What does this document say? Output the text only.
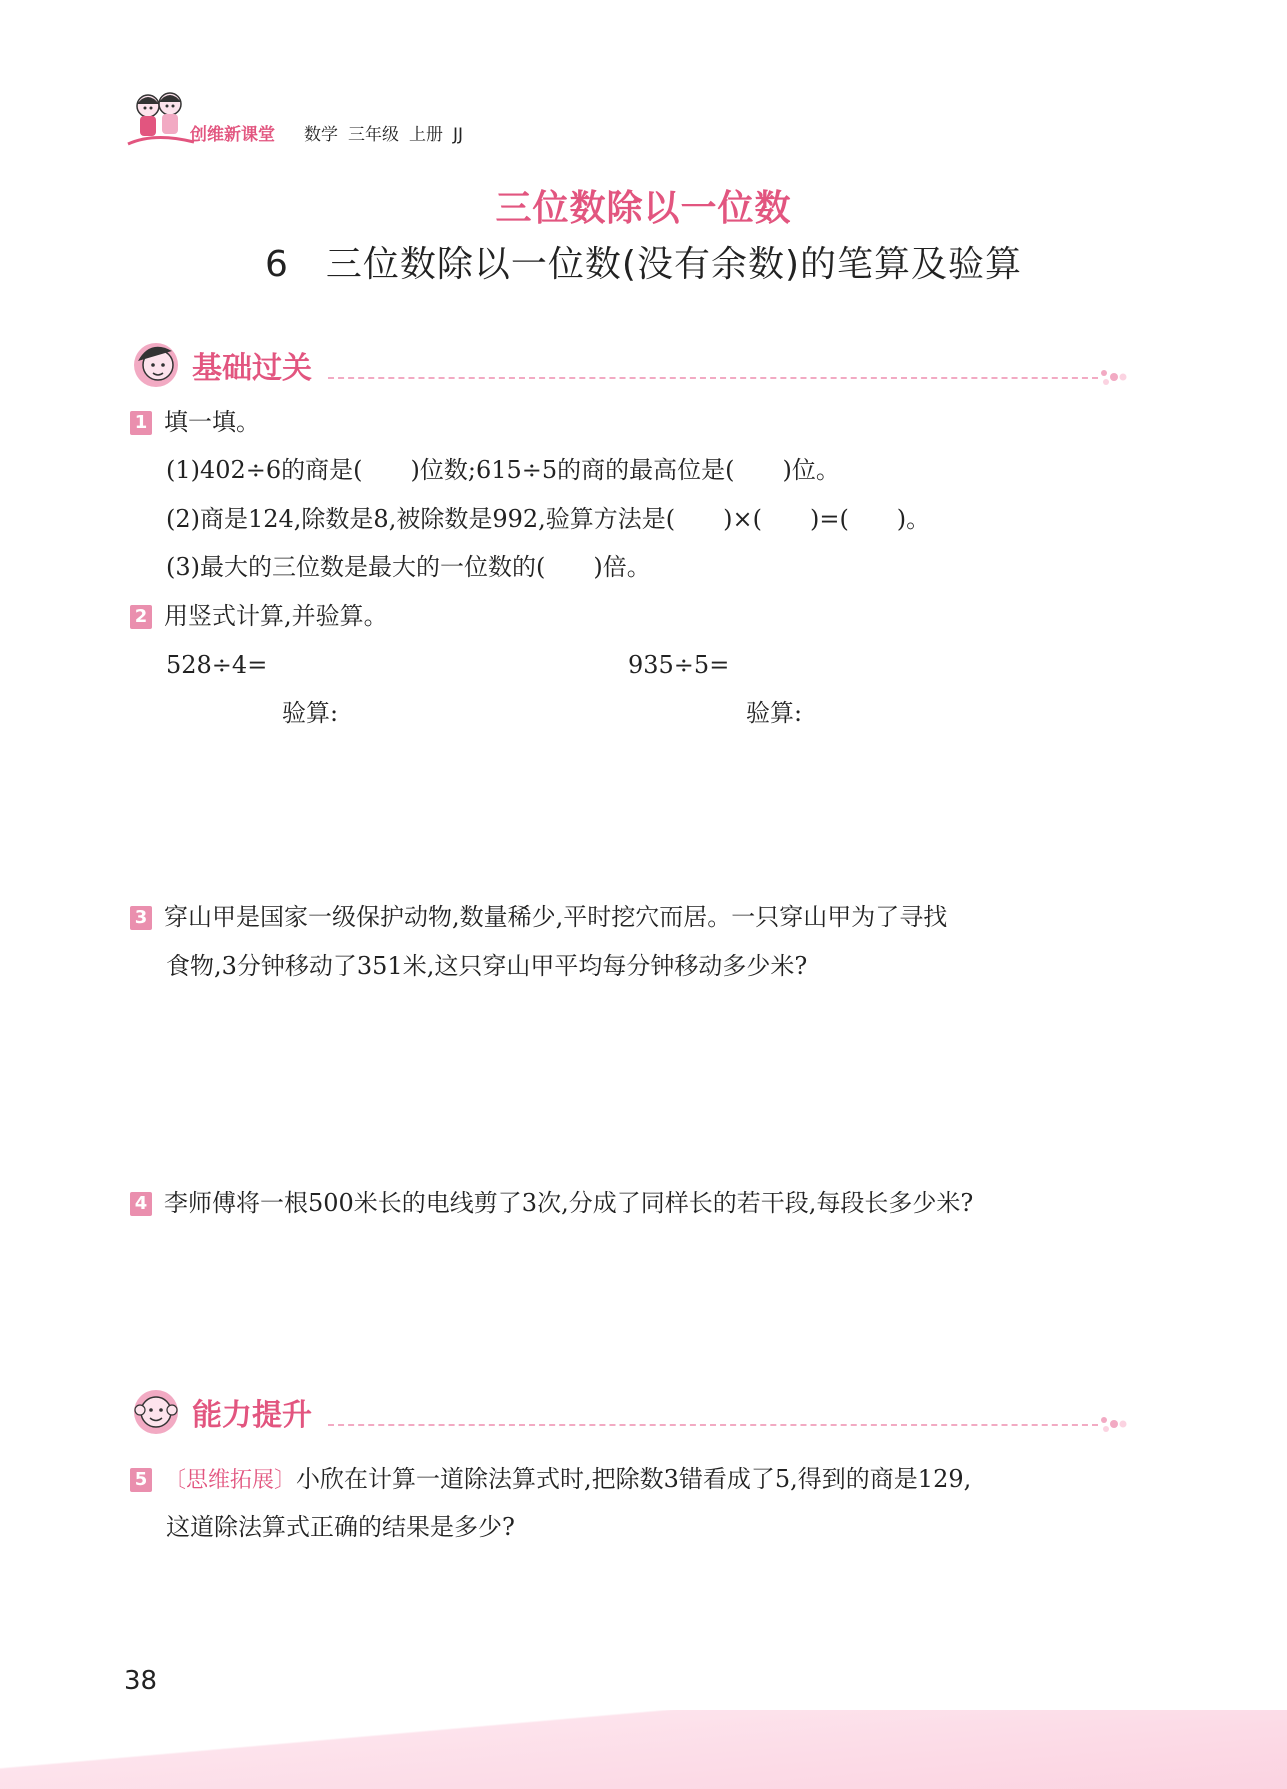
创维新课堂 数学 三年级 上册 JJ
三位数除以一位数
6　三位数除以一位数(没有余数)的笔算及验算
基础过关
1 填一填。
(1)402÷6的商是(　　)位数;615÷5的商的最高位是(　　)位。
(2)商是124,除数是8,被除数是992,验算方法是(　　)×(　　)=(　　)。
(3)最大的三位数是最大的一位数的(　　)倍。
2 用竖式计算,并验算。
528÷4=	935÷5=
验算:	验算:
3 穿山甲是国家一级保护动物,数量稀少,平时挖穴而居。一只穿山甲为了寻找
食物,3分钟移动了351米,这只穿山甲平均每分钟移动多少米?
4 李师傅将一根500米长的电线剪了3次,分成了同样长的若干段,每段长多少米?
能力提升
5 〔思维拓展〕小欣在计算一道除法算式时,把除数3错看成了5,得到的商是129,
这道除法算式正确的结果是多少?
38
